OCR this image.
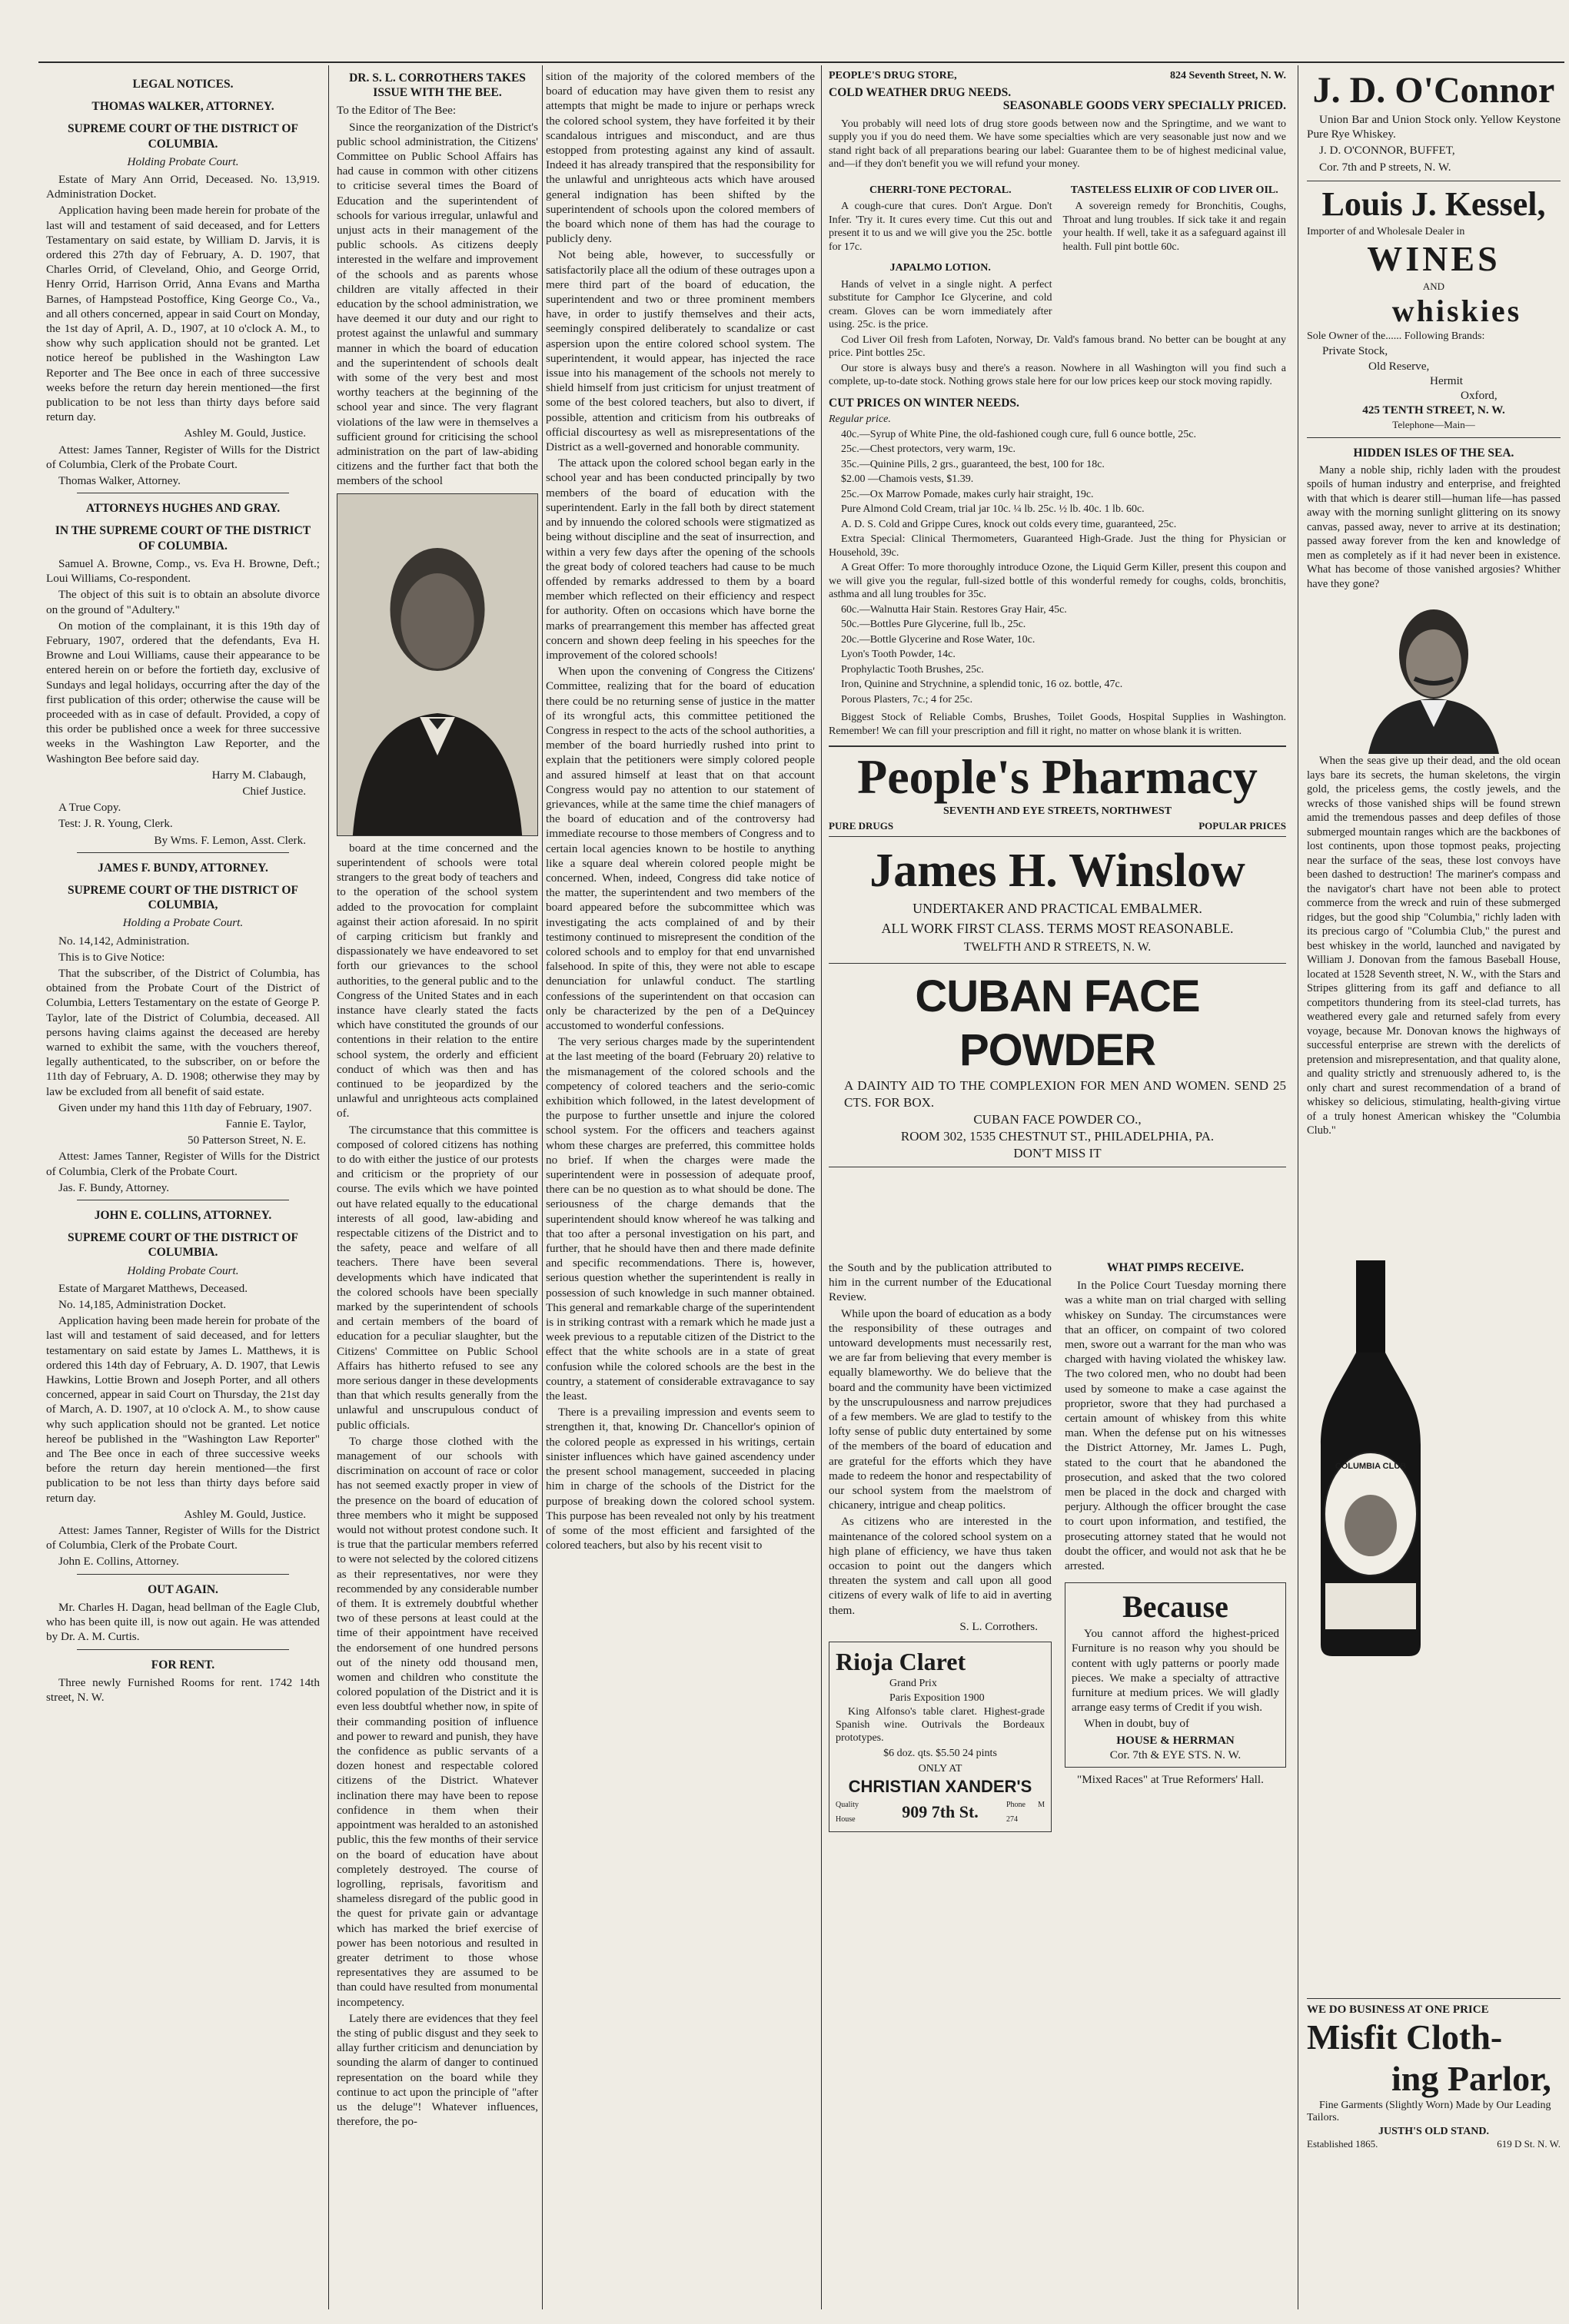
LEGAL NOTICES.
THOMAS WALKER, ATTORNEY.
SUPREME COURT OF THE DISTRICT OF COLUMBIA.
Holding Probate Court.

Estate of Mary Ann Orrid, Deceased. No. 13,919. Administration Docket.

Application having been made herein for probate of the last will and testament of said deceased, and for Letters Testamentary on said estate, by William D. Jarvis, it is ordered this 27th day of February, A. D. 1907, that Charles Orrid, of Cleveland, Ohio, and George Orrid, Henry Orrid, Harrison Orrid, Anna Evans and Martha Barnes, of Hampstead Postoffice, King George Co., Va., and all others concerned, appear in said Court on Monday, the 1st day of April, A. D., 1907, at 10 o'clock A. M., to show why such application should not be granted. Let notice hereof be published in the Washington Law Reporter and The Bee once in each of three successive weeks before the return day herein mentioned—the first publication to be not less than thirty days before said return day.

Ashley M. Gould, Justice.

Attest: James Tanner, Register of Wills for the District of Columbia, Clerk of the Probate Court.

Thomas Walker, Attorney.

ATTORNEYS HUGHES AND GRAY.
IN THE SUPREME COURT OF THE DISTRICT OF COLUMBIA.

Samuel A. Browne, Comp., vs. Eva H. Browne, Deft.; Loui Williams, Co-respondent.

The object of this suit is to obtain an absolute divorce on the ground of "Adultery."

On motion of the complainant, it is this 19th day of February, 1907, ordered that the defendants, Eva H. Browne and Loui Williams, cause their appearance to be entered herein on or before the fortieth day, exclusive of Sundays and legal holidays, occurring after the day of the first publication of this order; otherwise the cause will be proceeded with as in case of default. Provided, a copy of this order be published once a week for three successive weeks in the Washington Law Reporter, and the Washington Bee before said day.

Harry M. Clabaugh,

Chief Justice.

A True Copy.

Test: J. R. Young, Clerk.

By Wms. F. Lemon, Asst. Clerk.

JAMES F. BUNDY, ATTORNEY.
SUPREME COURT OF THE DISTRICT OF COLUMBIA,
Holding a Probate Court.

No. 14,142, Administration.

This is to Give Notice:

That the subscriber, of the District of Columbia, has obtained from the Probate Court of the District of Columbia, Letters Testamentary on the estate of George P. Taylor, late of the District of Columbia, deceased. All persons having claims against the deceased are hereby warned to exhibit the same, with the vouchers thereof, legally authenticated, to the subscriber, on or before the 11th day of February, A. D. 1908; otherwise they may by law be excluded from all benefit of said estate.

Given under my hand this 11th day of February, 1907.

Fannie E. Taylor,

50 Patterson Street, N. E.

Attest: James Tanner, Register of Wills for the District of Columbia, Clerk of the Probate Court.

Jas. F. Bundy, Attorney.

JOHN E. COLLINS, ATTORNEY.
SUPREME COURT OF THE DISTRICT OF COLUMBIA.
Holding Probate Court.

Estate of Margaret Matthews, Deceased.

No. 14,185, Administration Docket.

Application having been made herein for probate of the last will and testament of said deceased, and for letters testamentary on said estate by James L. Matthews, it is ordered this 14th day of February, A. D. 1907, that Lewis Hawkins, Lottie Brown and Joseph Porter, and all others concerned, appear in said Court on Thursday, the 21st day of March, A. D. 1907, at 10 o'clock A. M., to show cause why such application should not be granted. Let notice hereof be published in the "Washington Law Reporter" and The Bee once in each of three successive weeks before the return day herein mentioned—the first publication to be not less than thirty days before said return day.

Ashley M. Gould, Justice.

Attest: James Tanner, Register of Wills for the District of Columbia, Clerk of the Probate Court.

John E. Collins, Attorney.

OUT AGAIN.

Mr. Charles H. Dagan, head bellman of the Eagle Club, who has been quite ill, is now out again. He was attended by Dr. A. M. Curtis.

FOR RENT.

Three newly Furnished Rooms for rent. 1742 14th street, N. W.

DR. S. L. CORROTHERS TAKES ISSUE WITH THE BEE.

To the Editor of The Bee:

Since the reorganization of the District's public school administration, the Citizens' Committee on Public School Affairs has had cause in common with other citizens to criticise several times the Board of Education and the superintendent of schools for various irregular, unlawful and unjust acts in their management of the public schools. As citizens deeply interested in the welfare and improvement of the schools and as parents whose children are vitally affected in their education by the school administration, we have deemed it our duty and our right to protest against the unlawful and summary manner in which the board of education and the superintendent of schools dealt with some of the very best and most worthy teachers at the beginning of the school year and since. The very flagrant violations of the law were in themselves a sufficient ground for criticising the school administration on the part of law-abiding citizens and the further fact that both the members of the school

board at the time concerned and the superintendent of schools were total strangers to the great body of teachers and to the operation of the school system added to the provocation for complaint against their action aforesaid. In no spirit of carping criticism but frankly and dispassionately we have endeavored to set forth our grievances to the school authorities, to the general public and to the Congress of the United States and in each instance have clearly stated the facts which have constituted the grounds of our contentions in their relation to the entire school system, the orderly and efficient conduct of which was then and has continued to be jeopardized by the unlawful and unrighteous acts complained of.

The circumstance that this committee is composed of colored citizens has nothing to do with either the justice of our protests and criticism or the propriety of our course. The evils which we have pointed out have related equally to the educational interests of all good, law-abiding and respectable citizens of the District and to the safety, peace and welfare of all teachers. There have been several developments which have indicated that the colored schools have been specially marked by the superintendent of schools and certain members of the board of education for a peculiar slaughter, but the Citizens' Committee on Public School Affairs has hitherto refused to see any more serious danger in these developments than that which results generally from the unlawful and unscrupulous conduct of public officials.

To charge those clothed with the management of our schools with discrimination on account of race or color has not seemed exactly proper in view of the presence on the board of education of three members who it might be supposed would not without protest condone such. It is true that the particular members referred to were not selected by the colored citizens as their representatives, nor were they recommended by any considerable number of them. It is extremely doubtful whether two of these persons at least could at the time of their appointment have received the endorsement of one hundred persons out of the ninety odd thousand men, women and children who constitute the colored population of the District and it is even less doubtful whether now, in spite of their commanding position of influence and power to reward and punish, they have the confidence as public servants of a dozen honest and respectable colored citizens of the District. Whatever inclination there may have been to repose confidence in them when their appointment was heralded to an astonished public, this the few months of their service on the board of education have about completely destroyed. The course of logrolling, reprisals, favoritism and shameless disregard of the public good in the quest for private gain or advantage which has marked the brief exercise of power has been notorious and resulted in greater detriment to those whose representatives they are assumed to be than could have resulted from monumental incompetency.

Lately there are evidences that they feel the sting of public disgust and they seek to allay further criticism and denunciation by sounding the alarm of danger to continued representation on the board while they continue to act upon the principle of "after us the deluge"! Whatever influences, therefore, the po-

sition of the majority of the colored members of the board of education may have given them to resist any attempts that might be made to injure or perhaps wreck the colored school system, they have forfeited it by their scandalous intrigues and misconduct, and are thus estopped from protesting against any kind of assault. Indeed it has already transpired that the responsibility for the unlawful and unrighteous acts which have aroused general indignation has been shifted by the superintendent of schools upon the colored members of the board which none of them has had the courage to publicly deny.

Not being able, however, to successfully or satisfactorily place all the odium of these outrages upon a mere third part of the board of education, the superintendent and two or three prominent members have, in order to justify themselves and their acts, seemingly conspired deliberately to scandalize or cast aspersion upon the entire colored school system. The superintendent, it would appear, has injected the race issue into his management of the schools not merely to shield himself from just criticism for unjust treatment of some of the best colored teachers, but also to divert, if possible, attention and criticism from his outbreaks of official discourtesy as well as misrepresentations of the District as a well-governed and honorable community.

The attack upon the colored school began early in the school year and has been conducted principally by two members of the board of education with the superintendent. Early in the fall both by direct statement and by innuendo the colored schools were stigmatized as being without discipline and the seat of insurrection, and within a very few days after the opening of the schools the great body of colored teachers had cause to be much offended by remarks addressed to them by a board member which reflected on their efficiency and respect for authority. Often on occasions which have borne the marks of prearrangement this member has affected great concern and shown deep feeling in his speeches for the improvement of the colored schools!

When upon the convening of Congress the Citizens' Committee, realizing that for the board of education there could be no returning sense of justice in the matter of its wrongful acts, this committee petitioned the Congress in respect to the acts of the school authorities, a member of the board hurriedly rushed into print to explain that the petitioners were simply colored people and assured himself at least that on that account Congress would pay no attention to our statement of grievances, while at the same time the chief managers of the board of education and of the controversy had immediate recourse to those members of Congress and to certain local agencies known to be hostile to anything like a square deal wherein colored people might be concerned. When, indeed, Congress did take notice of the matter, the superintendent and two members of the board appeared before the subcommittee which was investigating the acts complained of and by their testimony continued to misrepresent the condition of the colored schools and to employ for that end unvarnished falsehood. In spite of this, they were not able to escape denunciation for unlawful conduct. The startling confessions of the superintendent on that occasion can only be characterized by the pen of a DeQuincey accustomed to wonderful confessions.

The very serious charges made by the superintendent at the last meeting of the board (February 20) relative to the mismanagement of the colored schools and the competency of colored teachers and the serio-comic exhibition which followed, in the latest development of the purpose to further unsettle and injure the colored school system. For the officers and teachers against whom these charges are preferred, this committee holds no brief. If when the charges were made the superintendent were in possession of adequate proof, there can be no question as to what should be done. The seriousness of the charge demands that the superintendent should know whereof he was talking and that too after a personal investigation on his part, and further, that he should have then and there made definite and specific recommendations. There is, however, serious question whether the superintendent is really in possession of such knowledge in such manner obtained. This general and remarkable charge of the superintendent is in striking contrast with a remark which he made just a week previous to a reputable citizen of the District to the effect that the white schools are in a state of great confusion while the colored schools are the best in the country, a statement of considerable extravagance to say the least.

There is a prevailing impression and events seem to strengthen it, that, knowing Dr. Chancellor's opinion of the colored people as expressed in his writings, certain sinister influences which have gained ascendency under the present school management, succeeded in placing him in charge of the schools of the District for the purpose of breaking down the colored school system. This purpose has been revealed not only by his treatment of some of the most efficient and farsighted of the colored teachers, but also by his recent visit to

PEOPLE'S DRUG STORE,	824 Seventh Street, N. W.
COLD WEATHER DRUG NEEDS.
SEASONABLE GOODS VERY SPECIALLY PRICED.

You probably will need lots of drug store goods between now and the Springtime, and we want to supply you if you do need them. We have some specialties which are very seasonable just now and we stand right back of all preparations bearing our label: Guarantee them to be of highest medicinal value, and—if they don't benefit you we will refund your money.

CHERRI-TONE PECTORAL.

A cough-cure that cures. Don't Argue. Don't Infer. 'Try it. It cures every time. Cut this out and present it to us and we will give you the 25c. bottle for 17c.

JAPALMO LOTION.

Hands of velvet in a single night. A perfect substitute for Camphor Ice Glycerine, and cold cream. Gloves can be worn immediately after using. 25c. is the price.

TASTELESS ELIXIR OF COD LIVER OIL.

A sovereign remedy for Bronchitis, Coughs, Throat and lung troubles. If sick take it and regain your health. If well, take it as a safeguard against ill health. Full pint bottle 60c.

Cod Liver Oil fresh from Lafoten, Norway, Dr. Vald's famous brand. No better can be bought at any price. Pint bottles 25c.

Our store is always busy and there's a reason. Nowhere in all Washington will you find such a complete, up-to-date stock. Nothing grows stale here for our low prices keep our stock moving rapidly.

CUT PRICES ON WINTER NEEDS.

Regular price.

40c.—Syrup of White Pine, the old-fashioned cough cure, full 6 ounce bottle, 25c.

25c.—Chest protectors, very warm, 19c.

35c.—Quinine Pills, 2 grs., guaranteed, the best, 100 for 18c.

$2.00 —Chamois vests, $1.39.

25c.—Ox Marrow Pomade, makes curly hair straight, 19c.

Pure Almond Cold Cream, trial jar 10c. ¼ lb. 25c. ½ lb. 40c. 1 lb. 60c.

A. D. S. Cold and Grippe Cures, knock out colds every time, guaranteed, 25c.

Extra Special: Clinical Thermometers, Guaranteed High-Grade. Just the thing for Physician or Household, 39c.

A Great Offer: To more thoroughly introduce Ozone, the Liquid Germ Killer, present this coupon and we will give you the regular, full-sized bottle of this wonderful remedy for coughs, colds, bronchitis, asthma and all lung troubles for 35c.

60c.—Walnutta Hair Stain. Restores Gray Hair, 45c.

50c.—Bottles Pure Glycerine, full lb., 25c.

20c.—Bottle Glycerine and Rose Water, 10c.

Lyon's Tooth Powder, 14c.

Prophylactic Tooth Brushes, 25c.

Iron, Quinine and Strychnine, a splendid tonic, 16 oz. bottle, 47c.

Porous Plasters, 7c.; 4 for 25c.

Biggest Stock of Reliable Combs, Brushes, Toilet Goods, Hospital Supplies in Washington. Remember! We can fill your prescription and fill it right, no matter on whose blank it is written.

People's Pharmacy
SEVENTH AND EYE STREETS, NORTHWEST
PURE DRUGS	POPULAR PRICES
James H. Winslow
UNDERTAKER AND PRACTICAL EMBALMER.
ALL WORK FIRST CLASS. TERMS MOST REASONABLE.
TWELFTH AND R STREETS, N. W.
CUBAN FACE POWDER
A DAINTY AID TO THE COMPLEXION FOR MEN AND WOMEN. SEND 25 CTS. FOR BOX.
CUBAN FACE POWDER CO.,
ROOM 302, 1535 CHESTNUT ST., PHILADELPHIA, PA.
DON'T MISS IT

the South and by the publication attributed to him in the current number of the Educational Review.

While upon the board of education as a body the responsibility of these outrages and untoward developments must necessarily rest, we are far from believing that every member is equally blameworthy. We do believe that the board and the community have been victimized by the unscrupulousness and narrow prejudices of a few members. We are glad to testify to the lofty sense of public duty entertained by some of the members of the board of education and are grateful for the efforts which they have made to redeem the honor and respectability of our school system from the maelstrom of chicanery, intrigue and cheap politics.

As citizens who are interested in the maintenance of the colored school system on a high plane of efficiency, we have thus taken occasion to point out the dangers which threaten the system and call upon all good citizens of every walk of life to aid in averting them.

S. L. Corrothers.

Rioja Claret
Grand Prix
Paris Exposition 1900

King Alfonso's table claret. Highest-grade Spanish wine. Outrivals the Bordeaux prototypes.

$6 doz. qts. $5.50 24 pints
ONLY AT
CHRISTIAN XANDER'S
Quality House	909 7th St.	Phone M 274
WHAT PIMPS RECEIVE.

In the Police Court Tuesday morning there was a white man on trial charged with selling whiskey on Sunday. The circumstances were that an officer, on compaint of two colored men, swore out a warrant for the man who was charged with having violated the whiskey law. The two colored men, who no doubt had been used by someone to make a case against the proprietor, swore that they had purchased a certain amount of whiskey from this white man. When the defense put on his witnesses the District Attorney, Mr. James L. Pugh, stated to the court that he abandoned the prosecution, and asked that the two colored men be placed in the dock and charged with perjury. Although the officer brought the case to court upon information, and testified, the prosecuting attorney stated that he would not doubt the officer, and would not ask that he be arrested.

Because

You cannot afford the highest-priced Furniture is no reason why you should be content with ugly patterns or poorly made pieces. We make a specialty of attractive furniture at medium prices. We will gladly arrange easy terms of Credit if you wish.

When in doubt, buy of

HOUSE & HERRMAN
Cor. 7th & EYE STS. N. W.

"Mixed Races" at True Reformers' Hall.

J. D. O'Connor

Union Bar and Union Stock only. Yellow Keystone Pure Rye Whiskey.

J. D. O'CONNOR, BUFFET,

Cor. 7th and P streets, N. W.

Louis J. Kessel,
Importer of and Wholesale Dealer in
WINES
AND
whiskies
Sole Owner of the...... Following Brands:
Private Stock,
Old Reserve,
Hermit
Oxford,
425 TENTH STREET, N. W.
Telephone—Main—
HIDDEN ISLES OF THE SEA.

Many a noble ship, richly laden with the proudest spoils of human industry and enterprise, and freighted with that which is dearer still—human life—has passed away with the morning sunlight glittering on its snowy canvas, passed away, never to arrive at its destination; passed away forever from the ken and knowledge of men as completely as if it had never been in existence. What has become of those vanished argosies? Whither have they gone?

When the seas give up their dead, and the old ocean lays bare its secrets, the human skeletons, the virgin gold, the priceless gems, the costly jewels, and the wrecks of those vanished ships will be found strewn amid the tremendous passes and deep defiles of those submerged mountain ranges which are the backbones of lost continents, upon those topmost peaks, projecting near the surface of the seas, these lost convoys have been dashed to destruction! The mariner's compass and the navigator's chart have not been able to protect commerce from the wreck and ruin of these submerged ridges, but the good ship "Columbia," richly laden with its precious cargo of "Columbia Club," the purest and best whiskey in the world, launched and navigated by William J. Donovan from the famous Baseball House, located at 1528 Seventh street, N. W., with the Stars and Stripes glittering from its gaff and defiance to all competitors thundering from its steel-clad turrets, has weathered every gale and returned safely from every voyage, because Mr. Donovan knows the highways of successful enterprise are strewn with the derelicts of pretension and misrepresentation, and that quality alone, and quality strictly and strenuously adhered to, is the only chart and surest recommendation of a brand of whiskey so delicious, stimulating, health-giving virtue of a truly honest American whiskey the "Columbia Club."

COLUMBIA CLUB
WE DO BUSINESS AT ONE PRICE
Misfit Cloth-
ing Parlor,

Fine Garments (Slightly Worn) Made by Our Leading Tailors.

JUSTH'S OLD STAND.
Established 1865.	619 D St. N. W.
